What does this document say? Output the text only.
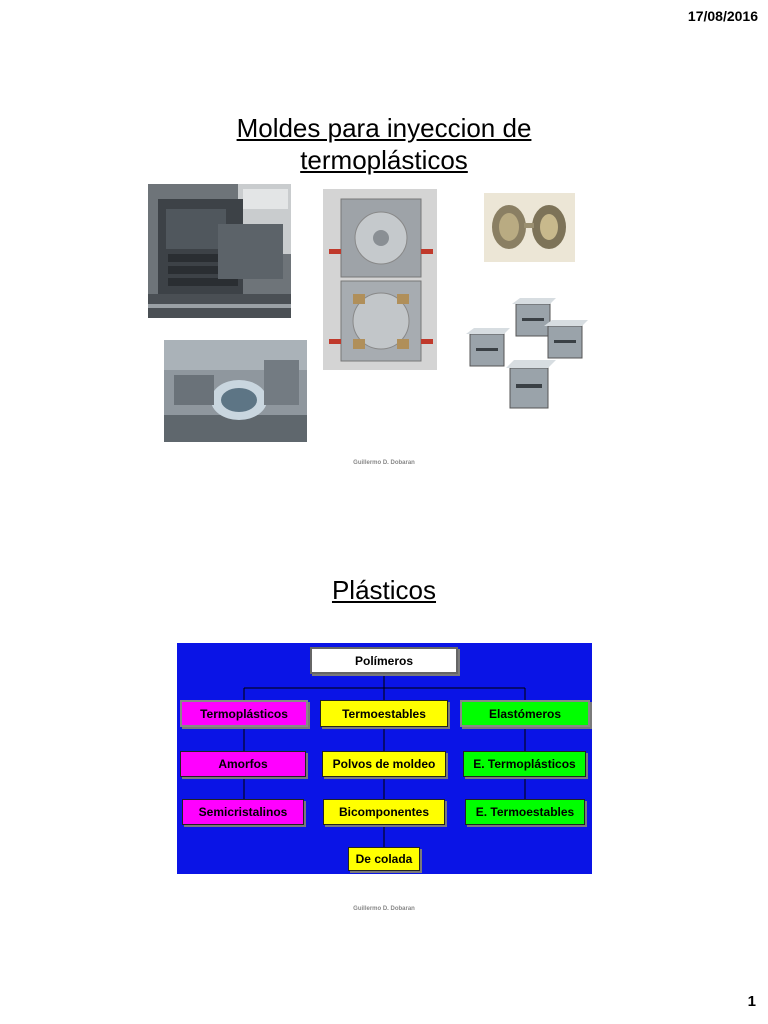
17/08/2016
Moldes para inyeccion de
termoplásticos
Guillermo D. Dobaran
Plásticos
Polímeros
Termoplásticos	Termoestables	Elastómeros
Amorfos	Polvos de moldeo	E. Termoplásticos
Semicristalinos	Bicomponentes	E. Termoestables
De colada
Guillermo D. Dobaran
1
